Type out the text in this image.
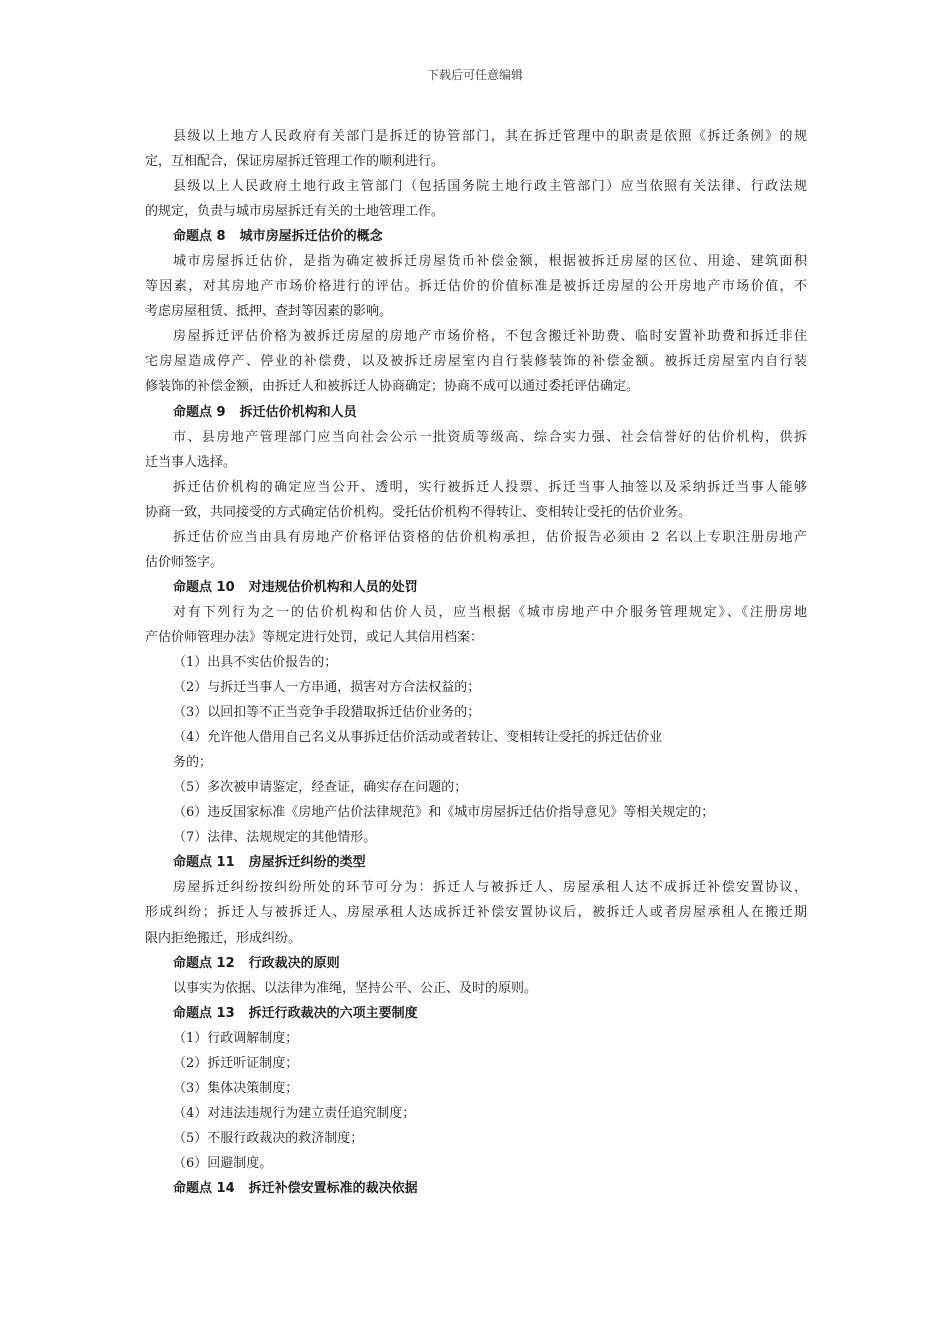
下载后可任意编辑
县级以上地方人民政府有关部门是拆迁的协管部门，其在拆迁管理中的职责是依照《拆迁条例》的规
定，互相配合，保证房屋拆迁管理工作的顺利进行。
县级以上人民政府土地行政主管部门（包括国务院土地行政主管部门）应当依照有关法律、行政法规
的规定，负责与城市房屋拆迁有关的土地管理工作。
命题点 8 城市房屋拆迁估价的概念
城市房屋拆迁估价，是指为确定被拆迁房屋货币补偿金额，根据被拆迁房屋的区位、用途、建筑面积
等因素，对其房地产市场价格进行的评估。拆迁估价的价值标准是被拆迁房屋的公开房地产市场价值，不
考虑房屋租赁、抵押、查封等因素的影响。
房屋拆迁评估价格为被拆迁房屋的房地产市场价格，不包含搬迁补助费、临时安置补助费和拆迁非住
宅房屋造成停产、停业的补偿费，以及被拆迁房屋室内自行装修装饰的补偿金额。被拆迁房屋室内自行装
修装饰的补偿金额，由拆迁人和被拆迁人协商确定；协商不成可以通过委托评估确定。
命题点 9 拆迁估价机构和人员
市、县房地产管理部门应当向社会公示一批资质等级高、综合实力强、社会信誉好的估价机构，供拆
迁当事人选择。
拆迁估价机构的确定应当公开、透明，实行被拆迁人投票、拆迁当事人抽签以及采纳拆迁当事人能够
协商一致，共同接受的方式确定估价机构。受托估价机构不得转让、变相转让受托的估价业务。
拆迁估价应当由具有房地产价格评估资格的估价机构承担，估价报告必须由 2 名以上专职注册房地产
估价师签字。
命题点 10 对违规估价机构和人员的处罚
对有下列行为之一的估价机构和估价人员，应当根据《城市房地产中介服务管理规定》、《注册房地
产估价师管理办法》等规定进行处罚，或记人其信用档案：
（1）出具不实估价报告的；
（2）与拆迁当事人一方串通，损害对方合法权益的；
（3）以回扣等不正当竞争手段猎取拆迁估价业务的；
（4）允许他人借用自己名义从事拆迁估价活动或者转让、变相转让受托的拆迁估价业
务的；
（5）多次被申请鉴定，经查证，确实存在问题的；
（6）违反国家标准《房地产估价法律规范》和《城市房屋拆迁估价指导意见》等相关规定的；
（7）法律、法规规定的其他情形。
命题点 11 房屋拆迁纠纷的类型
房屋拆迁纠纷按纠纷所处的环节可分为：拆迁人与被拆迁人、房屋承租人达不成拆迁补偿安置协议，
形成纠纷；拆迁人与被拆迁人、房屋承租人达成拆迁补偿安置协议后，被拆迁人或者房屋承租人在搬迁期
限内拒绝搬迁，形成纠纷。
命题点 12 行政裁决的原则
以事实为依据、以法律为准绳，坚持公平、公正、及时的原则。
命题点 13 拆迁行政裁决的六项主要制度
（1）行政调解制度；
（2）拆迁听证制度；
（3）集体决策制度；
（4）对违法违规行为建立责任追究制度；
（5）不服行政裁决的救济制度；
（6）回避制度。
命题点 14 拆迁补偿安置标准的裁决依据
